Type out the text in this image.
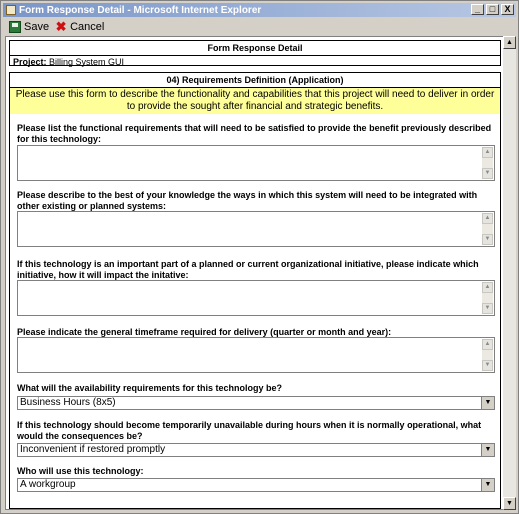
Form Response Detail - Microsoft Internet Explorer	_	□	X
Save ✖ Cancel
Form Response Detail
Project: Billing System GUI
04) Requirements Definition (Application)
Please use this form to describe the functionality and capabilities that this project will need to deliver in order to provide the sought after financial and strategic benefits.
Please list the functional requirements that will need to be satisfied to provide the benefit previously described for this technology:
▲
▼
Please describe to the best of your knowledge the ways in which this system will need to be integrated with other existing or planned systems:
▲
▼
If this technology is an important part of a planned or current organizational initiative, please indicate which initiative, how it will impact the initative:
▲
▼
Please indicate the general timeframe required for delivery (quarter or month and year):
▲
▼
What will the availability requirements for this technology be?
Business Hours (8x5)	▼
If this technology should become temporarily unavailable during hours when it is normally operational, what would the consequences be?
Inconvenient if restored promptly	▼
Who will use this technology:
A workgroup	▼
▲
▼
